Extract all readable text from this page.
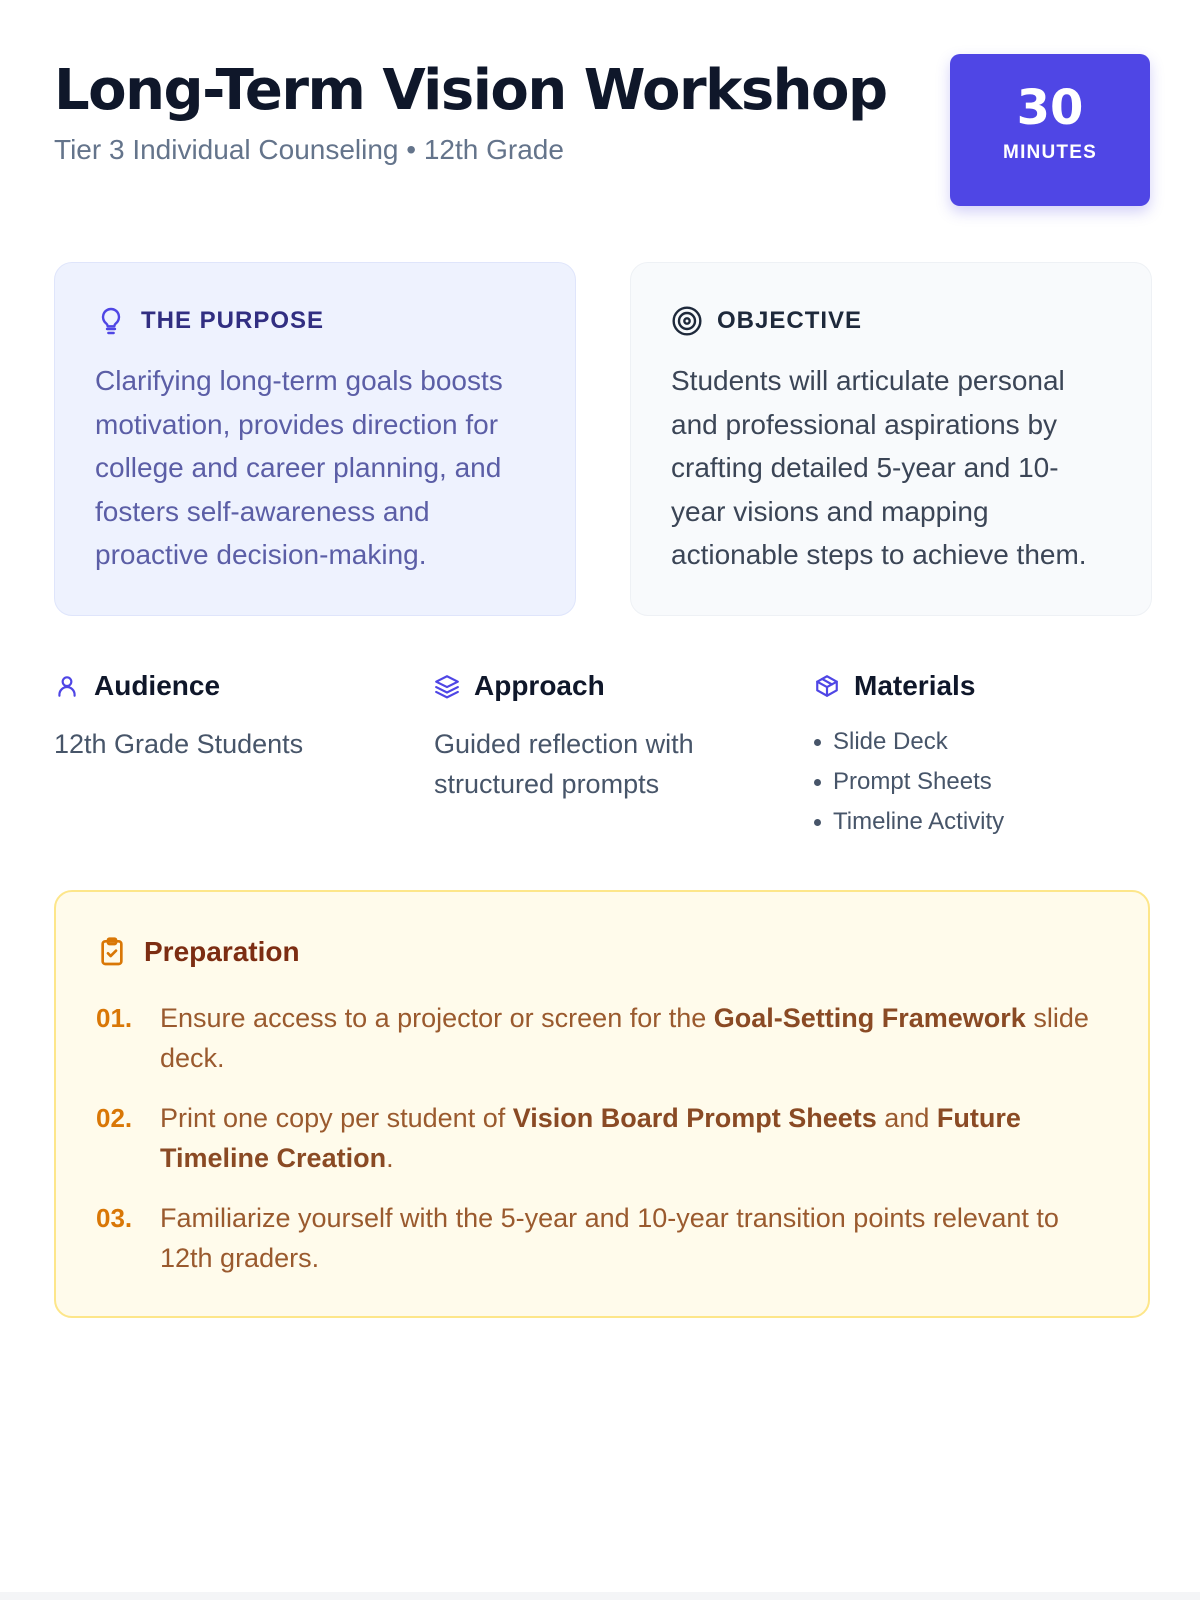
Long-Term Vision Workshop
Tier 3 Individual Counseling • 12th Grade
30
MINUTES
THE PURPOSE

Clarifying long-term goals boosts motivation, provides direction for college and career planning, and fosters self-awareness and proactive decision-making.

OBJECTIVE

Students will articulate personal and professional aspirations by crafting detailed 5-year and 10-year visions and mapping actionable steps to achieve them.

Audience

12th Grade Students

Approach

Guided reflection with structured prompts

Materials
Slide Deck
Prompt Sheets
Timeline Activity
Preparation
01.	Ensure access to a projector or screen for the Goal-Setting Framework slide deck.
02.	Print one copy per student of Vision Board Prompt Sheets and Future Timeline Creation.
03.	Familiarize yourself with the 5-year and 10-year transition points relevant to 12th graders.
